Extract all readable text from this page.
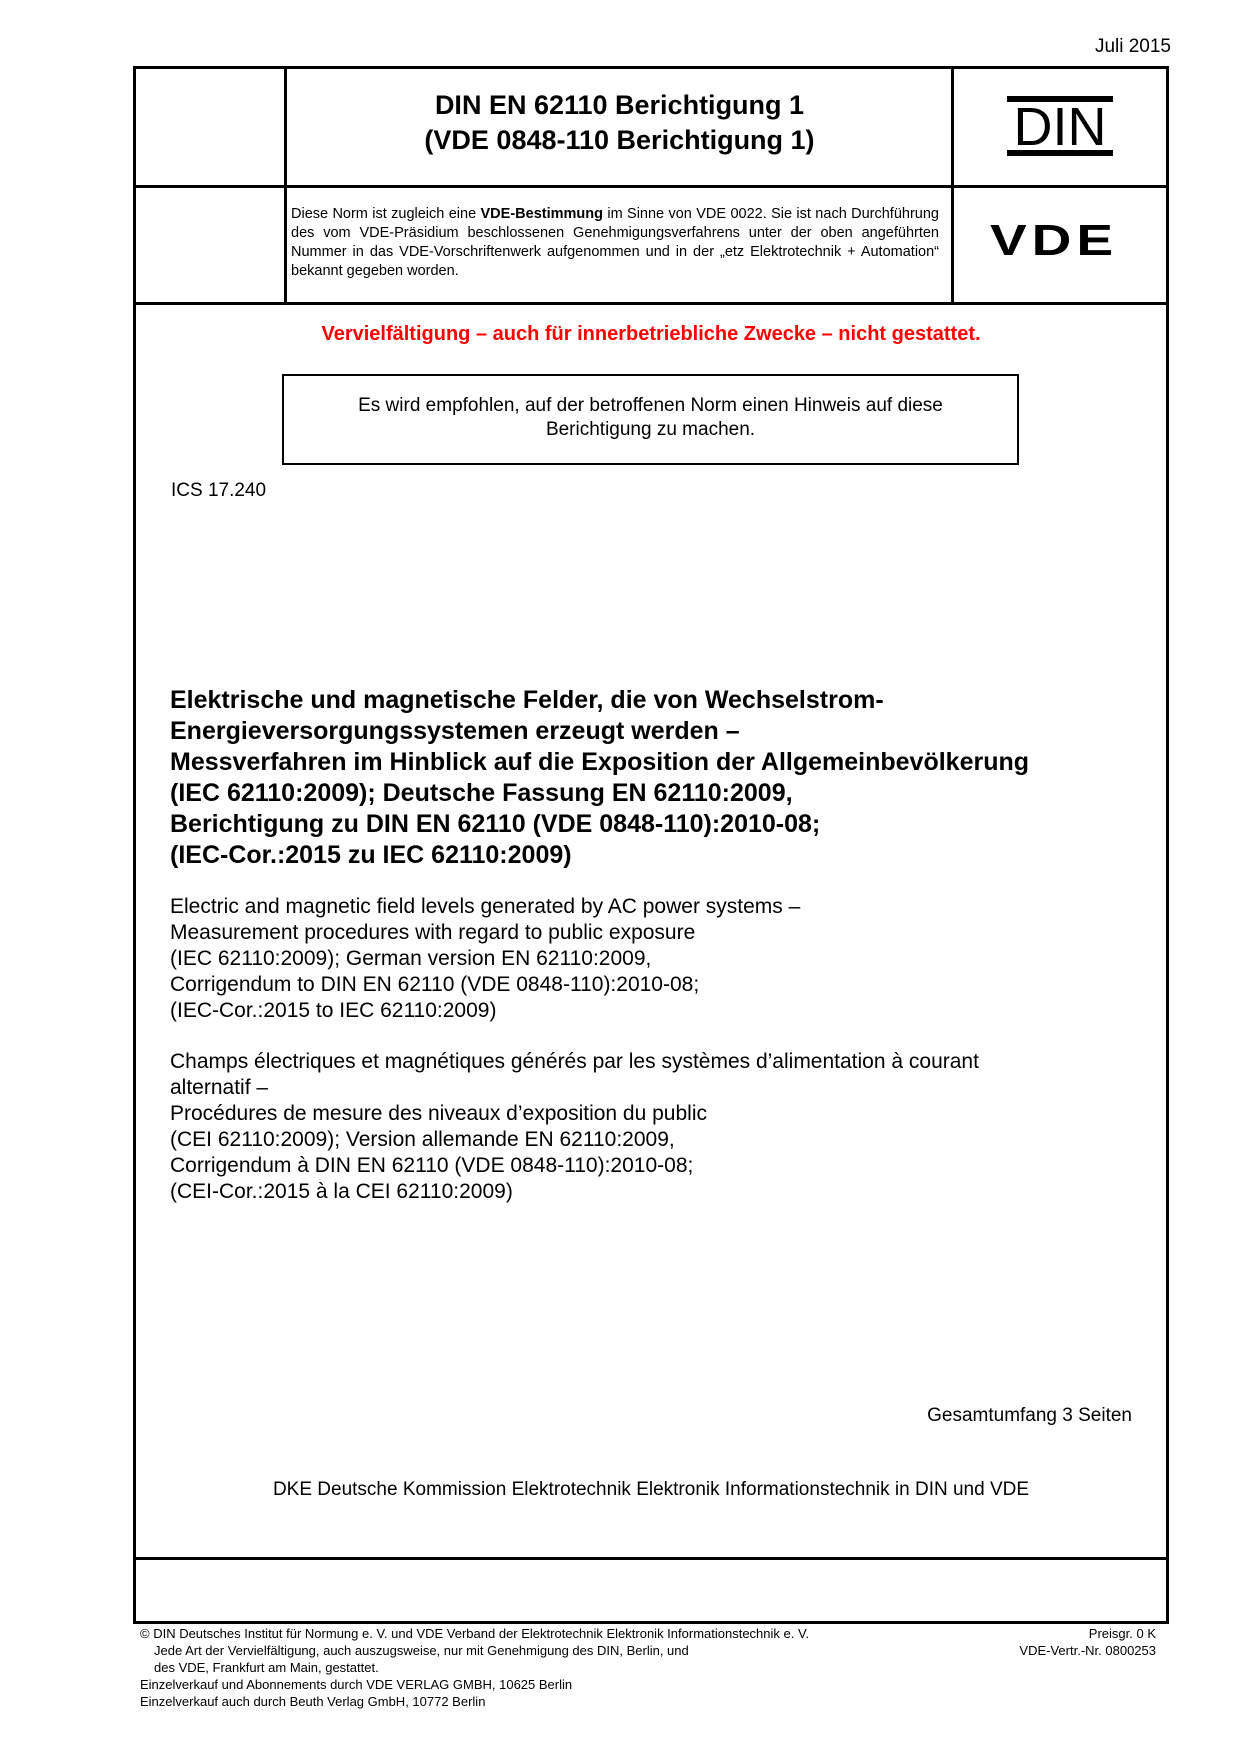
Juli 2015
DIN EN 62110 Berichtigung 1
(VDE 0848-110 Berichtigung 1)	DIN
Diese Norm ist zugleich eine VDE-Bestimmung im Sinne von VDE 0022. Sie ist nach Durchführung des vom VDE-Präsidium beschlossenen Genehmigungsverfahrens unter der oben angeführten Nummer in das VDE-Vorschriftenwerk aufgenommen und in der „etz Elektrotechnik + Automation“ bekannt gegeben worden.
VDE
Vervielfältigung – auch für innerbetriebliche Zwecke – nicht gestattet.
Es wird empfohlen, auf der betroffenen Norm einen Hinweis auf diese
Berichtigung zu machen.
ICS 17.240
Elektrische und magnetische Felder, die von Wechselstrom-
Energieversorgungssystemen erzeugt werden –
Messverfahren im Hinblick auf die Exposition der Allgemeinbevölkerung
(IEC 62110:2009); Deutsche Fassung EN 62110:2009,
Berichtigung zu DIN EN 62110 (VDE 0848-110):2010-08;
(IEC-Cor.:2015 zu IEC 62110:2009)
Electric and magnetic field levels generated by AC power systems –
Measurement procedures with regard to public exposure
(IEC 62110:2009); German version EN 62110:2009,
Corrigendum to DIN EN 62110 (VDE 0848-110):2010-08;
(IEC-Cor.:2015 to IEC 62110:2009)
Champs électriques et magnétiques générés par les systèmes d’alimentation à courant
alternatif –
Procédures de mesure des niveaux d’exposition du public
(CEI 62110:2009); Version allemande EN 62110:2009,
Corrigendum à DIN EN 62110 (VDE 0848-110):2010-08;
(CEI-Cor.:2015 à la CEI 62110:2009)
Gesamtumfang 3 Seiten
DKE Deutsche Kommission Elektrotechnik Elektronik Informationstechnik in DIN und VDE
© DIN Deutsches Institut für Normung e. V. und VDE Verband der Elektrotechnik Elektronik Informationstechnik e. V.
Jede Art der Vervielfältigung, auch auszugsweise, nur mit Genehmigung des DIN, Berlin, und
des VDE, Frankfurt am Main, gestattet.
Einzelverkauf und Abonnements durch VDE VERLAG GMBH, 10625 Berlin
Einzelverkauf auch durch Beuth Verlag GmbH, 10772 Berlin
Preisgr. 0 K
VDE-Vertr.-Nr. 0800253
